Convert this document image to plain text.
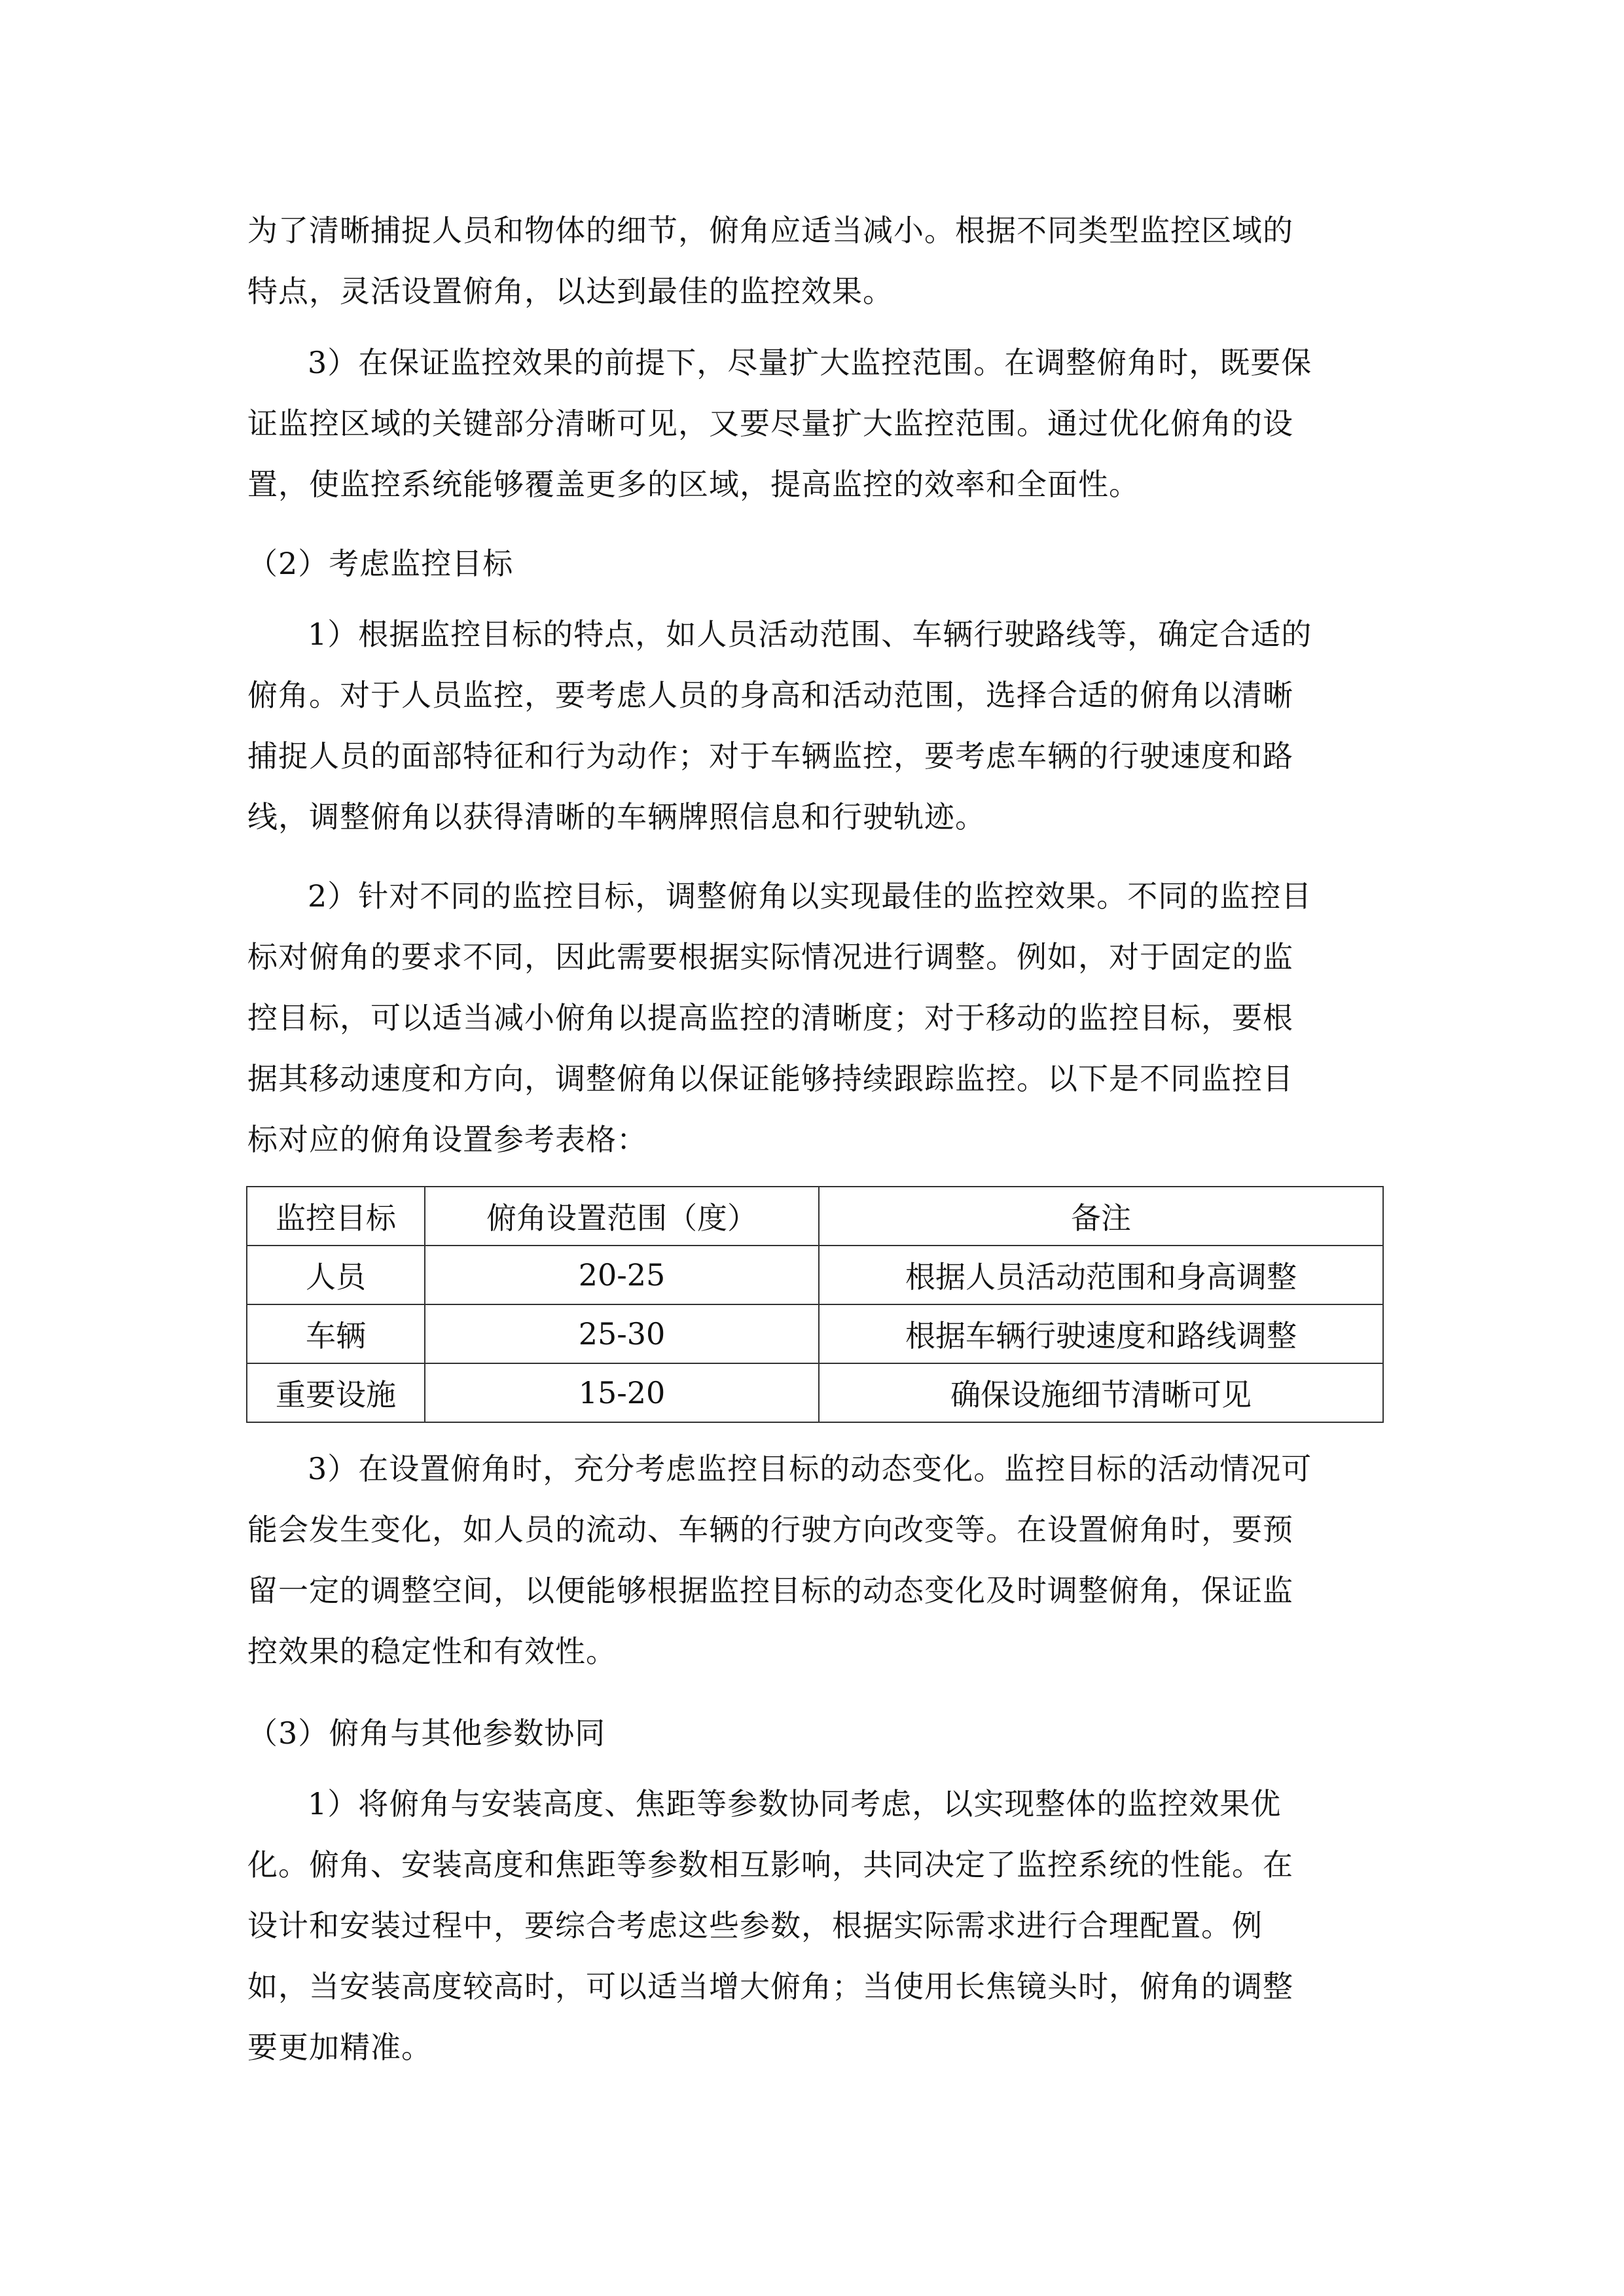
为了清晰捕捉人员和物体的细节，俯角应适当减小。根据不同类型监控区域的
特点，灵活设置俯角，以达到最佳的监控效果。
3）在保证监控效果的前提下，尽量扩大监控范围。在调整俯角时，既要保
证监控区域的关键部分清晰可见，又要尽量扩大监控范围。通过优化俯角的设
置，使监控系统能够覆盖更多的区域，提高监控的效率和全面性。
（2）考虑监控目标
1）根据监控目标的特点，如人员活动范围、车辆行驶路线等，确定合适的
俯角。对于人员监控，要考虑人员的身高和活动范围，选择合适的俯角以清晰
捕捉人员的面部特征和行为动作；对于车辆监控，要考虑车辆的行驶速度和路
线，调整俯角以获得清晰的车辆牌照信息和行驶轨迹。
2）针对不同的监控目标，调整俯角以实现最佳的监控效果。不同的监控目
标对俯角的要求不同，因此需要根据实际情况进行调整。例如，对于固定的监
控目标，可以适当减小俯角以提高监控的清晰度；对于移动的监控目标，要根
据其移动速度和方向，调整俯角以保证能够持续跟踪监控。以下是不同监控目
标对应的俯角设置参考表格：
监控目标	俯角设置范围（度）	备注
人员	20-25	根据人员活动范围和身高调整
车辆	25-30	根据车辆行驶速度和路线调整
重要设施	15-20	确保设施细节清晰可见
3）在设置俯角时，充分考虑监控目标的动态变化。监控目标的活动情况可
能会发生变化，如人员的流动、车辆的行驶方向改变等。在设置俯角时，要预
留一定的调整空间，以便能够根据监控目标的动态变化及时调整俯角，保证监
控效果的稳定性和有效性。
（3）俯角与其他参数协同
1）将俯角与安装高度、焦距等参数协同考虑，以实现整体的监控效果优
化。俯角、安装高度和焦距等参数相互影响，共同决定了监控系统的性能。在
设计和安装过程中，要综合考虑这些参数，根据实际需求进行合理配置。例
如，当安装高度较高时，可以适当增大俯角；当使用长焦镜头时，俯角的调整
要更加精准。
